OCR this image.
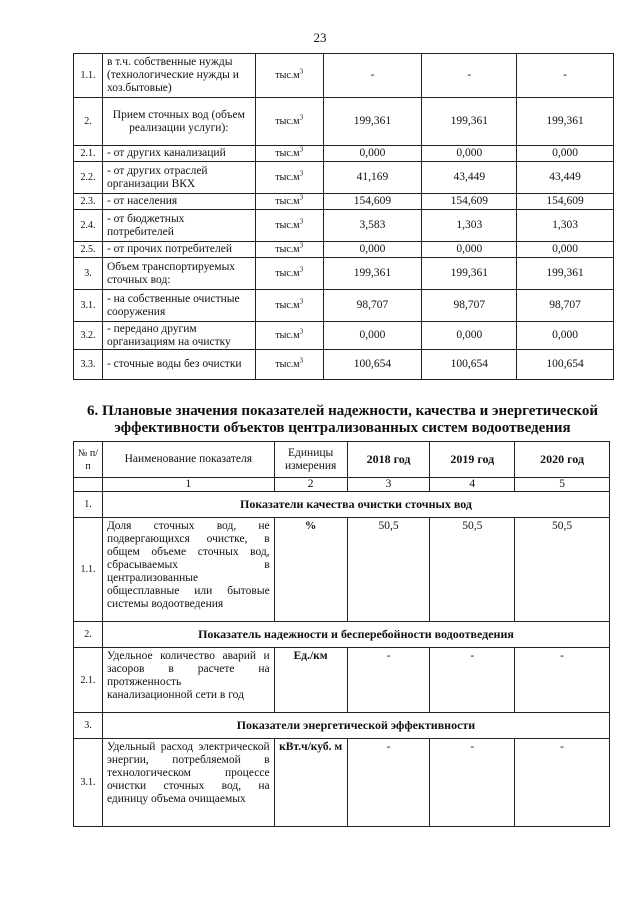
23
1.1.	в т.ч. собственные нужды (технологические нужды и хоз.бытовые)	$тыс.м^3$	-	-	-
2.	Прием сточных вод (объем реализации услуги):	$тыс.м^3$	199,361	199,361	199,361
2.1.	- от других канализаций	$тыс.м^3$	0,000	0,000	0,000
2.2.	- от других отраслей организации ВКХ	$тыс.м^3$	41,169	43,449	43,449
2.3.	- от населения	$тыс.м^3$	154,609	154,609	154,609
2.4.	- от бюджетных потребителей	$тыс.м^3$	3,583	1,303	1,303
2.5.	- от прочих потребителей	$тыс.м^3$	0,000	0,000	0,000
3.	Объем транспортируемых сточных вод:	$тыс.м^3$	199,361	199,361	199,361
3.1.	- на собственные очистные сооружения	$тыс.м^3$	98,707	98,707	98,707
3.2.	- передано другим организациям на очистку	$тыс.м^3$	0,000	0,000	0,000
3.3.	- сточные воды без очистки	$тыс.м^3$	100,654	100,654	100,654
6. Плановые значения показателей надежности, качества и энергетической
эффективности объектов централизованных систем водоотведения
№ п/п	Наименование показателя	Единицы измерения	2018 год	2019 год	2020 год
	1	2	3	4	5
1.	Показатели качества очистки сточных вод				
1.1.	Доля сточных вод, не подвергающихся очистке, в общем объеме сточных вод, сбрасываемых в централизованные общесплавные или бытовые системы водоотведения	%	50,5	50,5	50,5
2.	Показатель надежности и бесперебойности водоотведения				
2.1.	Удельное количество аварий и засоров в расчете на протяженность канализационной сети в год	Ед./км	-	-	-
3.	Показатели энергетической эффективности				
3.1.	Удельный расход электрической энергии, потребляемой в технологическом процессе очистки сточных вод, на единицу объема очищаемых	кВт.ч/куб. м	-	-	-
